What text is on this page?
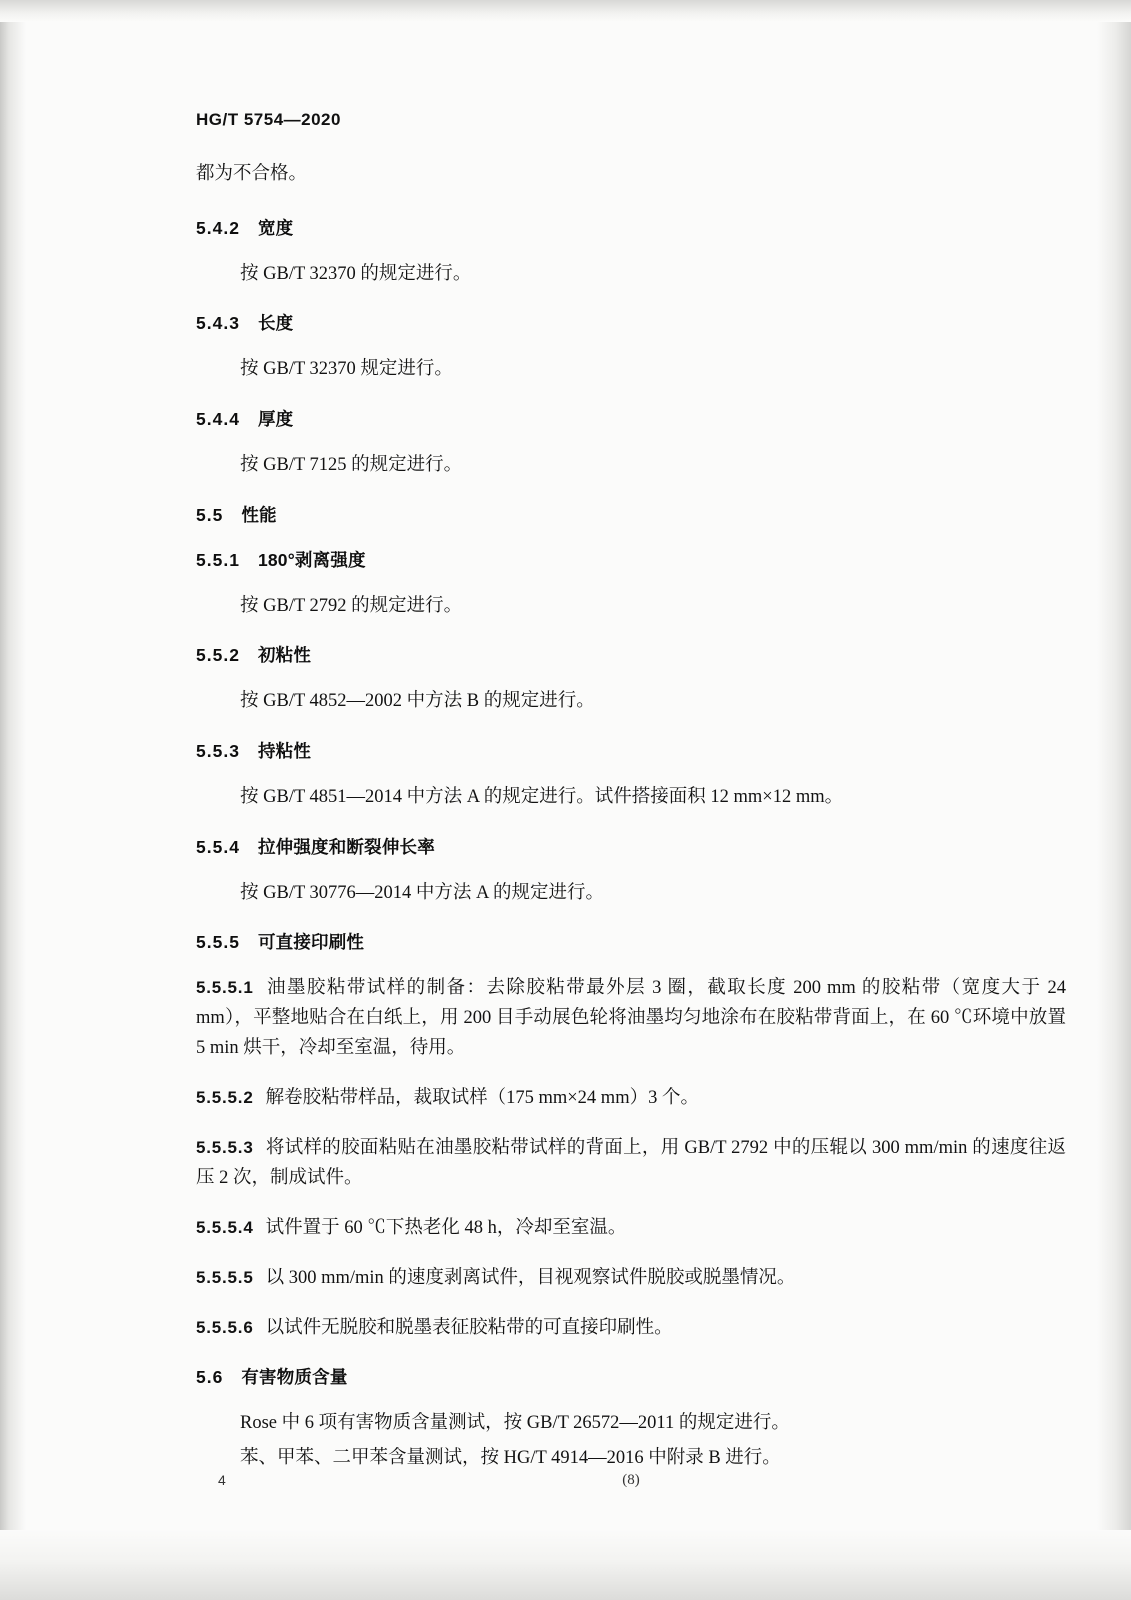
HG/T 5754—2020

都为不合格。

5.4.2 宽度

按 GB/T 32370 的规定进行。

5.4.3 长度

按 GB/T 32370 规定进行。

5.4.4 厚度

按 GB/T 7125 的规定进行。

5.5 性能
5.5.1 180°剥离强度

按 GB/T 2792 的规定进行。

5.5.2 初粘性

按 GB/T 4852—2002 中方法 B 的规定进行。

5.5.3 持粘性

按 GB/T 4851—2014 中方法 A 的规定进行。试件搭接面积 12 mm×12 mm。

5.5.4 拉伸强度和断裂伸长率

按 GB/T 30776—2014 中方法 A 的规定进行。

5.5.5 可直接印刷性

5.5.5.1 油墨胶粘带试样的制备：去除胶粘带最外层 3 圈，截取长度 200 mm 的胶粘带（宽度大于 24 mm），平整地贴合在白纸上，用 200 目手动展色轮将油墨均匀地涂布在胶粘带背面上，在 60 ℃环境中放置 5 min 烘干，冷却至室温，待用。

5.5.5.2 解卷胶粘带样品，裁取试样（175 mm×24 mm）3 个。

5.5.5.3 将试样的胶面粘贴在油墨胶粘带试样的背面上，用 GB/T 2792 中的压辊以 300 mm/min 的速度往返压 2 次，制成试件。

5.5.5.4 试件置于 60 ℃下热老化 48 h，冷却至室温。

5.5.5.5 以 300 mm/min 的速度剥离试件，目视观察试件脱胶或脱墨情况。

5.5.5.6 以试件无脱胶和脱墨表征胶粘带的可直接印刷性。

5.6 有害物质含量

Rose 中 6 项有害物质含量测试，按 GB/T 26572—2011 的规定进行。

苯、甲苯、二甲苯含量测试，按 HG/T 4914—2016 中附录 B 进行。

4	(8)
